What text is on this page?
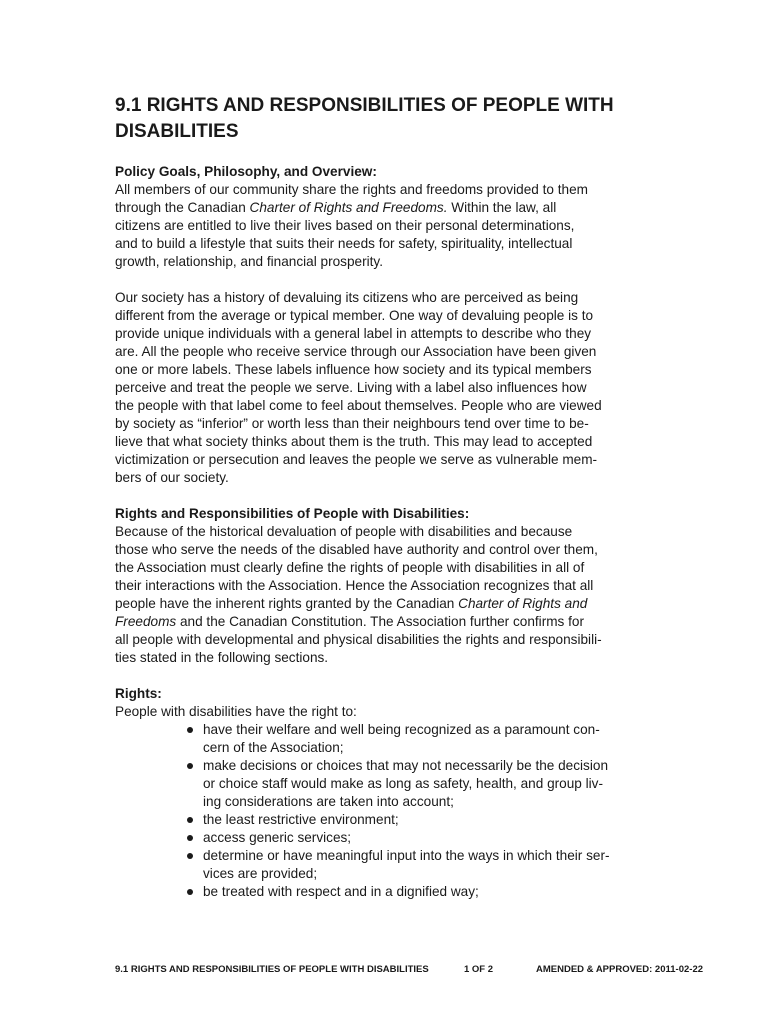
9.1 RIGHTS AND RESPONSIBILITIES OF PEOPLE WITH
DISABILITIES

Policy Goals, Philosophy, and Overview:

All members of our community share the rights and freedoms provided to them
through the Canadian Charter of Rights and Freedoms. Within the law, all
citizens are entitled to live their lives based on their personal determinations,
and to build a lifestyle that suits their needs for safety, spirituality, intellectual
growth, relationship, and financial prosperity.

Our society has a history of devaluing its citizens who are perceived as being
different from the average or typical member. One way of devaluing people is to
provide unique individuals with a general label in attempts to describe who they
are. All the people who receive service through our Association have been given
one or more labels. These labels influence how society and its typical members
perceive and treat the people we serve. Living with a label also influences how
the people with that label come to feel about themselves. People who are viewed
by society as “inferior” or worth less than their neighbours tend over time to be-
lieve that what society thinks about them is the truth. This may lead to accepted
victimization or persecution and leaves the people we serve as vulnerable mem-
bers of our society.

Rights and Responsibilities of People with Disabilities:

Because of the historical devaluation of people with disabilities and because
those who serve the needs of the disabled have authority and control over them,
the Association must clearly define the rights of people with disabilities in all of
their interactions with the Association. Hence the Association recognizes that all
people have the inherent rights granted by the Canadian Charter of Rights and
Freedoms and the Canadian Constitution. The Association further confirms for
all people with developmental and physical disabilities the rights and responsibili-
ties stated in the following sections.

Rights:

People with disabilities have the right to:

have their welfare and well being recognized as a paramount con-
cern of the Association;
make decisions or choices that may not necessarily be the decision
or choice staff would make as long as safety, health, and group liv-
ing considerations are taken into account;
the least restrictive environment;
access generic services;
determine or have meaningful input into the ways in which their ser-
vices are provided;
be treated with respect and in a dignified way;
9.1 RIGHTS AND RESPONSIBILITIES OF PEOPLE WITH DISABILITIES	1 OF 2	AMENDED & APPROVED: 2011-02-22
